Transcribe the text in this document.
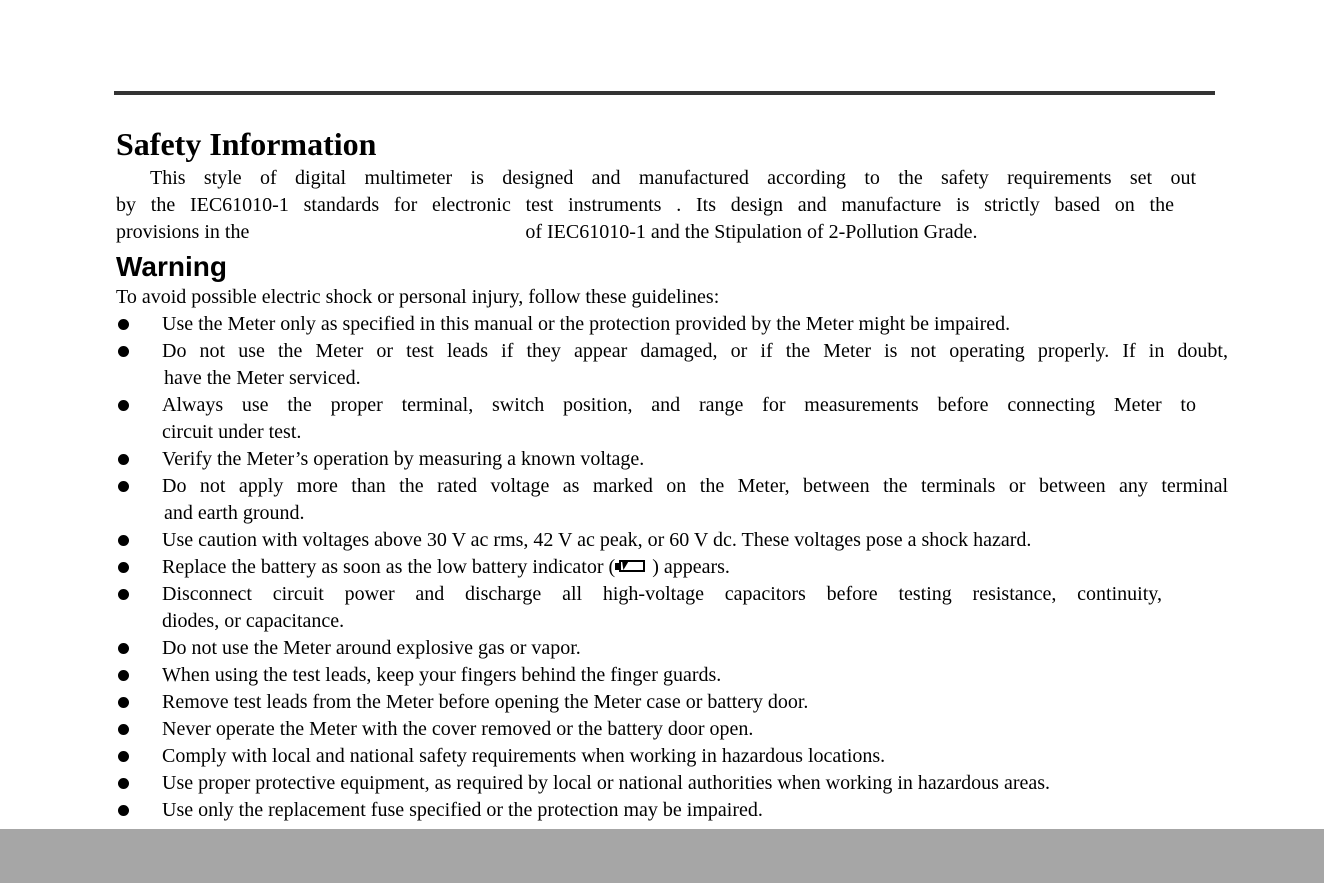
Safety Information
This style of digital multimeter is designed and manufactured according to the safety requirements set out
by the IEC61010-1 standards for electronic test instruments . Its design and manufacture is strictly based on the
provisions in the	of IEC61010-1 and the Stipulation of 2-Pollution Grade.
Warning
To avoid possible electric shock or personal injury, follow these guidelines:
Use the Meter only as specified in this manual or the protection provided by the Meter might be impaired.
Do not use the Meter or test leads if they appear damaged, or if the Meter is not operating properly. If in doubt,
have the Meter serviced.
Always use the proper terminal, switch position, and range for measurements before connecting Meter to
circuit under test.
Verify the Meter’s operation by measuring a known voltage.
Do not apply more than the rated voltage as marked on the Meter, between the terminals or between any terminal
and earth ground.
Use caution with voltages above 30 V ac rms, 42 V ac peak, or 60 V dc. These voltages pose a shock hazard.
Replace the battery as soon as the low battery indicator ( ) appears.
Disconnect circuit power and discharge all high-voltage capacitors before testing resistance, continuity,
diodes, or capacitance.
Do not use the Meter around explosive gas or vapor.
When using the test leads, keep your fingers behind the finger guards.
Remove test leads from the Meter before opening the Meter case or battery door.
Never operate the Meter with the cover removed or the battery door open.
Comply with local and national safety requirements when working in hazardous locations.
Use proper protective equipment, as required by local or national authorities when working in hazardous areas.
Use only the replacement fuse specified or the protection may be impaired.
